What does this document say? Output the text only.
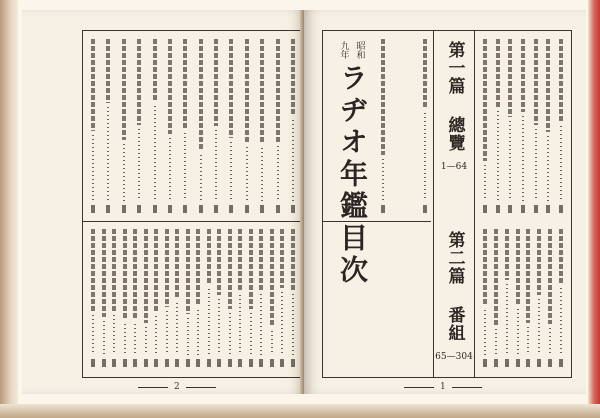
2
昭和
九年
ラヂオ年鑑目次	第一篇 總覽
1—64
第二篇 番組
65—304
1
